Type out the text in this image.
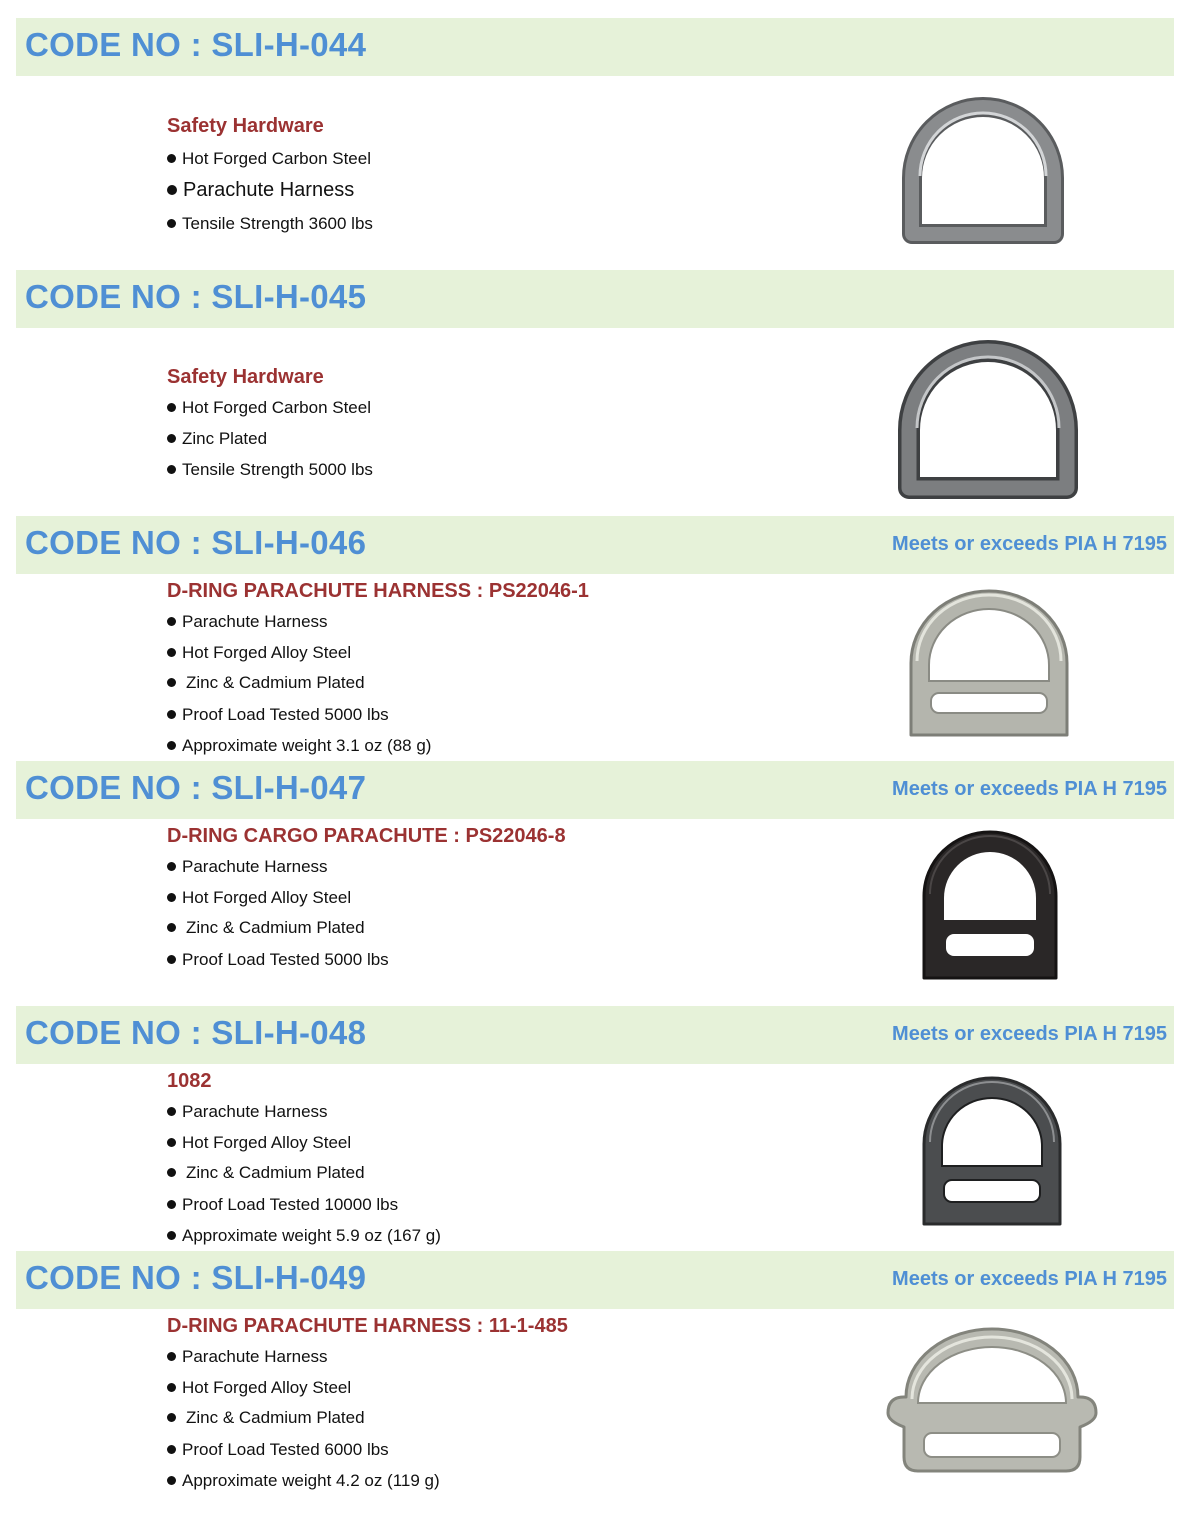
CODE NO : SLI-H-044
Safety Hardware
Hot Forged Carbon Steel
Parachute Harness
Tensile Strength 3600 lbs
CODE NO : SLI-H-045
Safety Hardware
Hot Forged Carbon Steel
Zinc Plated
Tensile Strength 5000 lbs
CODE NO : SLI-H-046	Meets or exceeds PIA H 7195
D-RING PARACHUTE HARNESS : PS22046-1
Parachute Harness
Hot Forged Alloy Steel
Zinc & Cadmium Plated
Proof Load Tested 5000 lbs
Approximate weight 3.1 oz (88 g)
CODE NO : SLI-H-047	Meets or exceeds PIA H 7195
D-RING CARGO PARACHUTE : PS22046-8
Parachute Harness
Hot Forged Alloy Steel
Zinc & Cadmium Plated
Proof Load Tested 5000 lbs
CODE NO : SLI-H-048	Meets or exceeds PIA H 7195
1082
Parachute Harness
Hot Forged Alloy Steel
Zinc & Cadmium Plated
Proof Load Tested 10000 lbs
Approximate weight 5.9 oz (167 g)
CODE NO : SLI-H-049	Meets or exceeds PIA H 7195
D-RING PARACHUTE HARNESS : 11-1-485
Parachute Harness
Hot Forged Alloy Steel
Zinc & Cadmium Plated
Proof Load Tested 6000 lbs
Approximate weight 4.2 oz (119 g)
